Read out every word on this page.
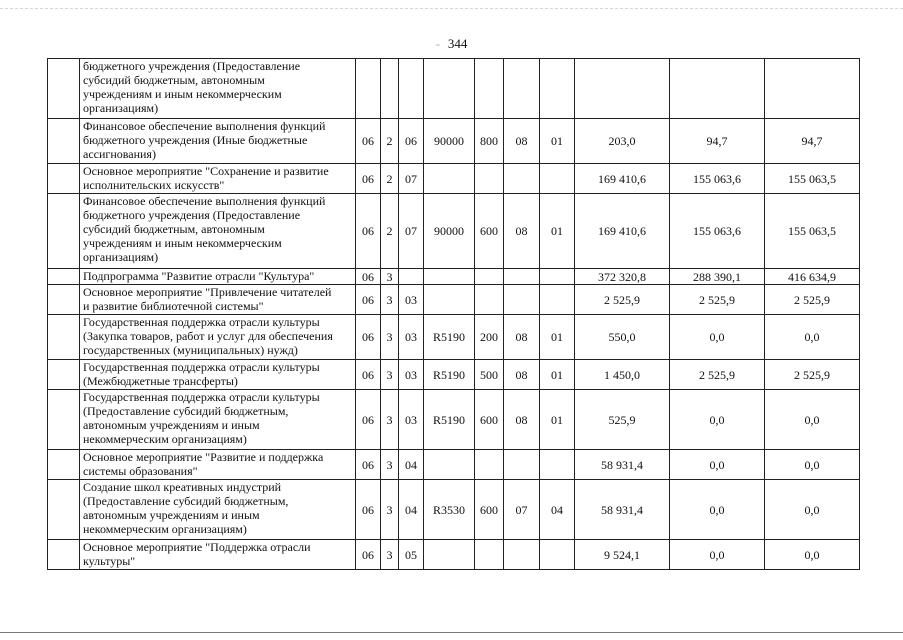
- 344

	бюджетного учреждения (Предоставление
субсидий бюджетным, автономным
учреждениям и иным некоммерческим
организациям)										

	Финансовое обеспечение выполнения функций
бюджетного учреждения (Иные бюджетные
ассигнования)	06	2	06	90000	800	08	01	203,0	94,7	94,7

	Основное мероприятие "Сохранение и развитие
исполнительских искусств"	06	2	07					169 410,6	155 063,6	155 063,5

	Финансовое обеспечение выполнения функций
бюджетного учреждения (Предоставление
субсидий бюджетным, автономным
учреждениям и иным некоммерческим
организациям)	06	2	07	90000	600	08	01	169 410,6	155 063,6	155 063,5

	Подпрограмма "Развитие отрасли "Культура"	06	3						372 320,8	288 390,1	416 634,9

	Основное мероприятие "Привлечение читателей
и развитие библиотечной системы"	06	3	03					2 525,9	2 525,9	2 525,9

	Государственная поддержка отрасли культуры
(Закупка товаров, работ и услуг для обеспечения
государственных (муниципальных) нужд)	06	3	03	R5190	200	08	01	550,0	0,0	0,0

	Государственная поддержка отрасли культуры
(Межбюджетные трансферты)	06	3	03	R5190	500	08	01	1 450,0	2 525,9	2 525,9

	Государственная поддержка отрасли культуры
(Предоставление субсидий бюджетным,
автономным учреждениям и иным
некоммерческим организациям)	06	3	03	R5190	600	08	01	525,9	0,0	0,0

	Основное мероприятие "Развитие и поддержка
системы образования"	06	3	04					58 931,4	0,0	0,0

	Создание школ креативных индустрий
(Предоставление субсидий бюджетным,
автономным учреждениям и иным
некоммерческим организациям)	06	3	04	R3530	600	07	04	58 931,4	0,0	0,0

	Основное мероприятие "Поддержка отрасли
культуры"	06	3	05					9 524,1	0,0	0,0
